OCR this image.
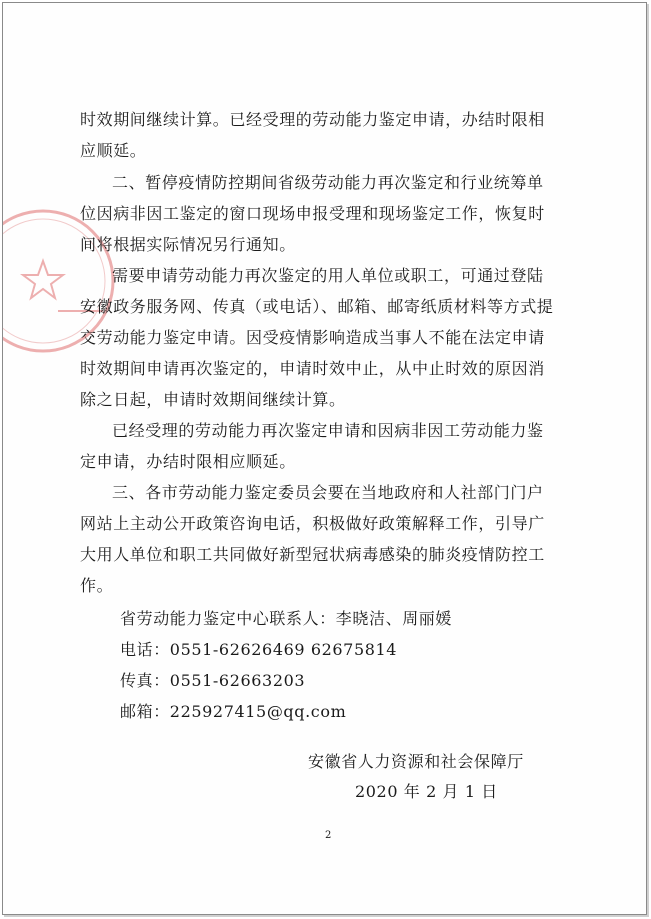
时效期间继续计算。已经受理的劳动能力鉴定申请，办结时限相
应顺延。
二、暂停疫情防控期间省级劳动能力再次鉴定和行业统筹单
位因病非因工鉴定的窗口现场申报受理和现场鉴定工作，恢复时
间将根据实际情况另行通知。
需要申请劳动能力再次鉴定的用人单位或职工，可通过登陆
安徽政务服务网、传真（或电话）、邮箱、邮寄纸质材料等方式提
交劳动能力鉴定申请。因受疫情影响造成当事人不能在法定申请
时效期间申请再次鉴定的，申请时效中止，从中止时效的原因消
除之日起，申请时效期间继续计算。
已经受理的劳动能力再次鉴定申请和因病非因工劳动能力鉴
定申请，办结时限相应顺延。
三、各市劳动能力鉴定委员会要在当地政府和人社部门门户
网站上主动公开政策咨询电话，积极做好政策解释工作，引导广
大用人单位和职工共同做好新型冠状病毒感染的肺炎疫情防控工
作。
省劳动能力鉴定中心联系人：李晓洁、周丽媛
电话：0551-62626469 62675814
传真：0551-62663203
邮箱：225927415@qq.com
安徽省人力资源和社会保障厅
2020 年 2 月 1 日
2
